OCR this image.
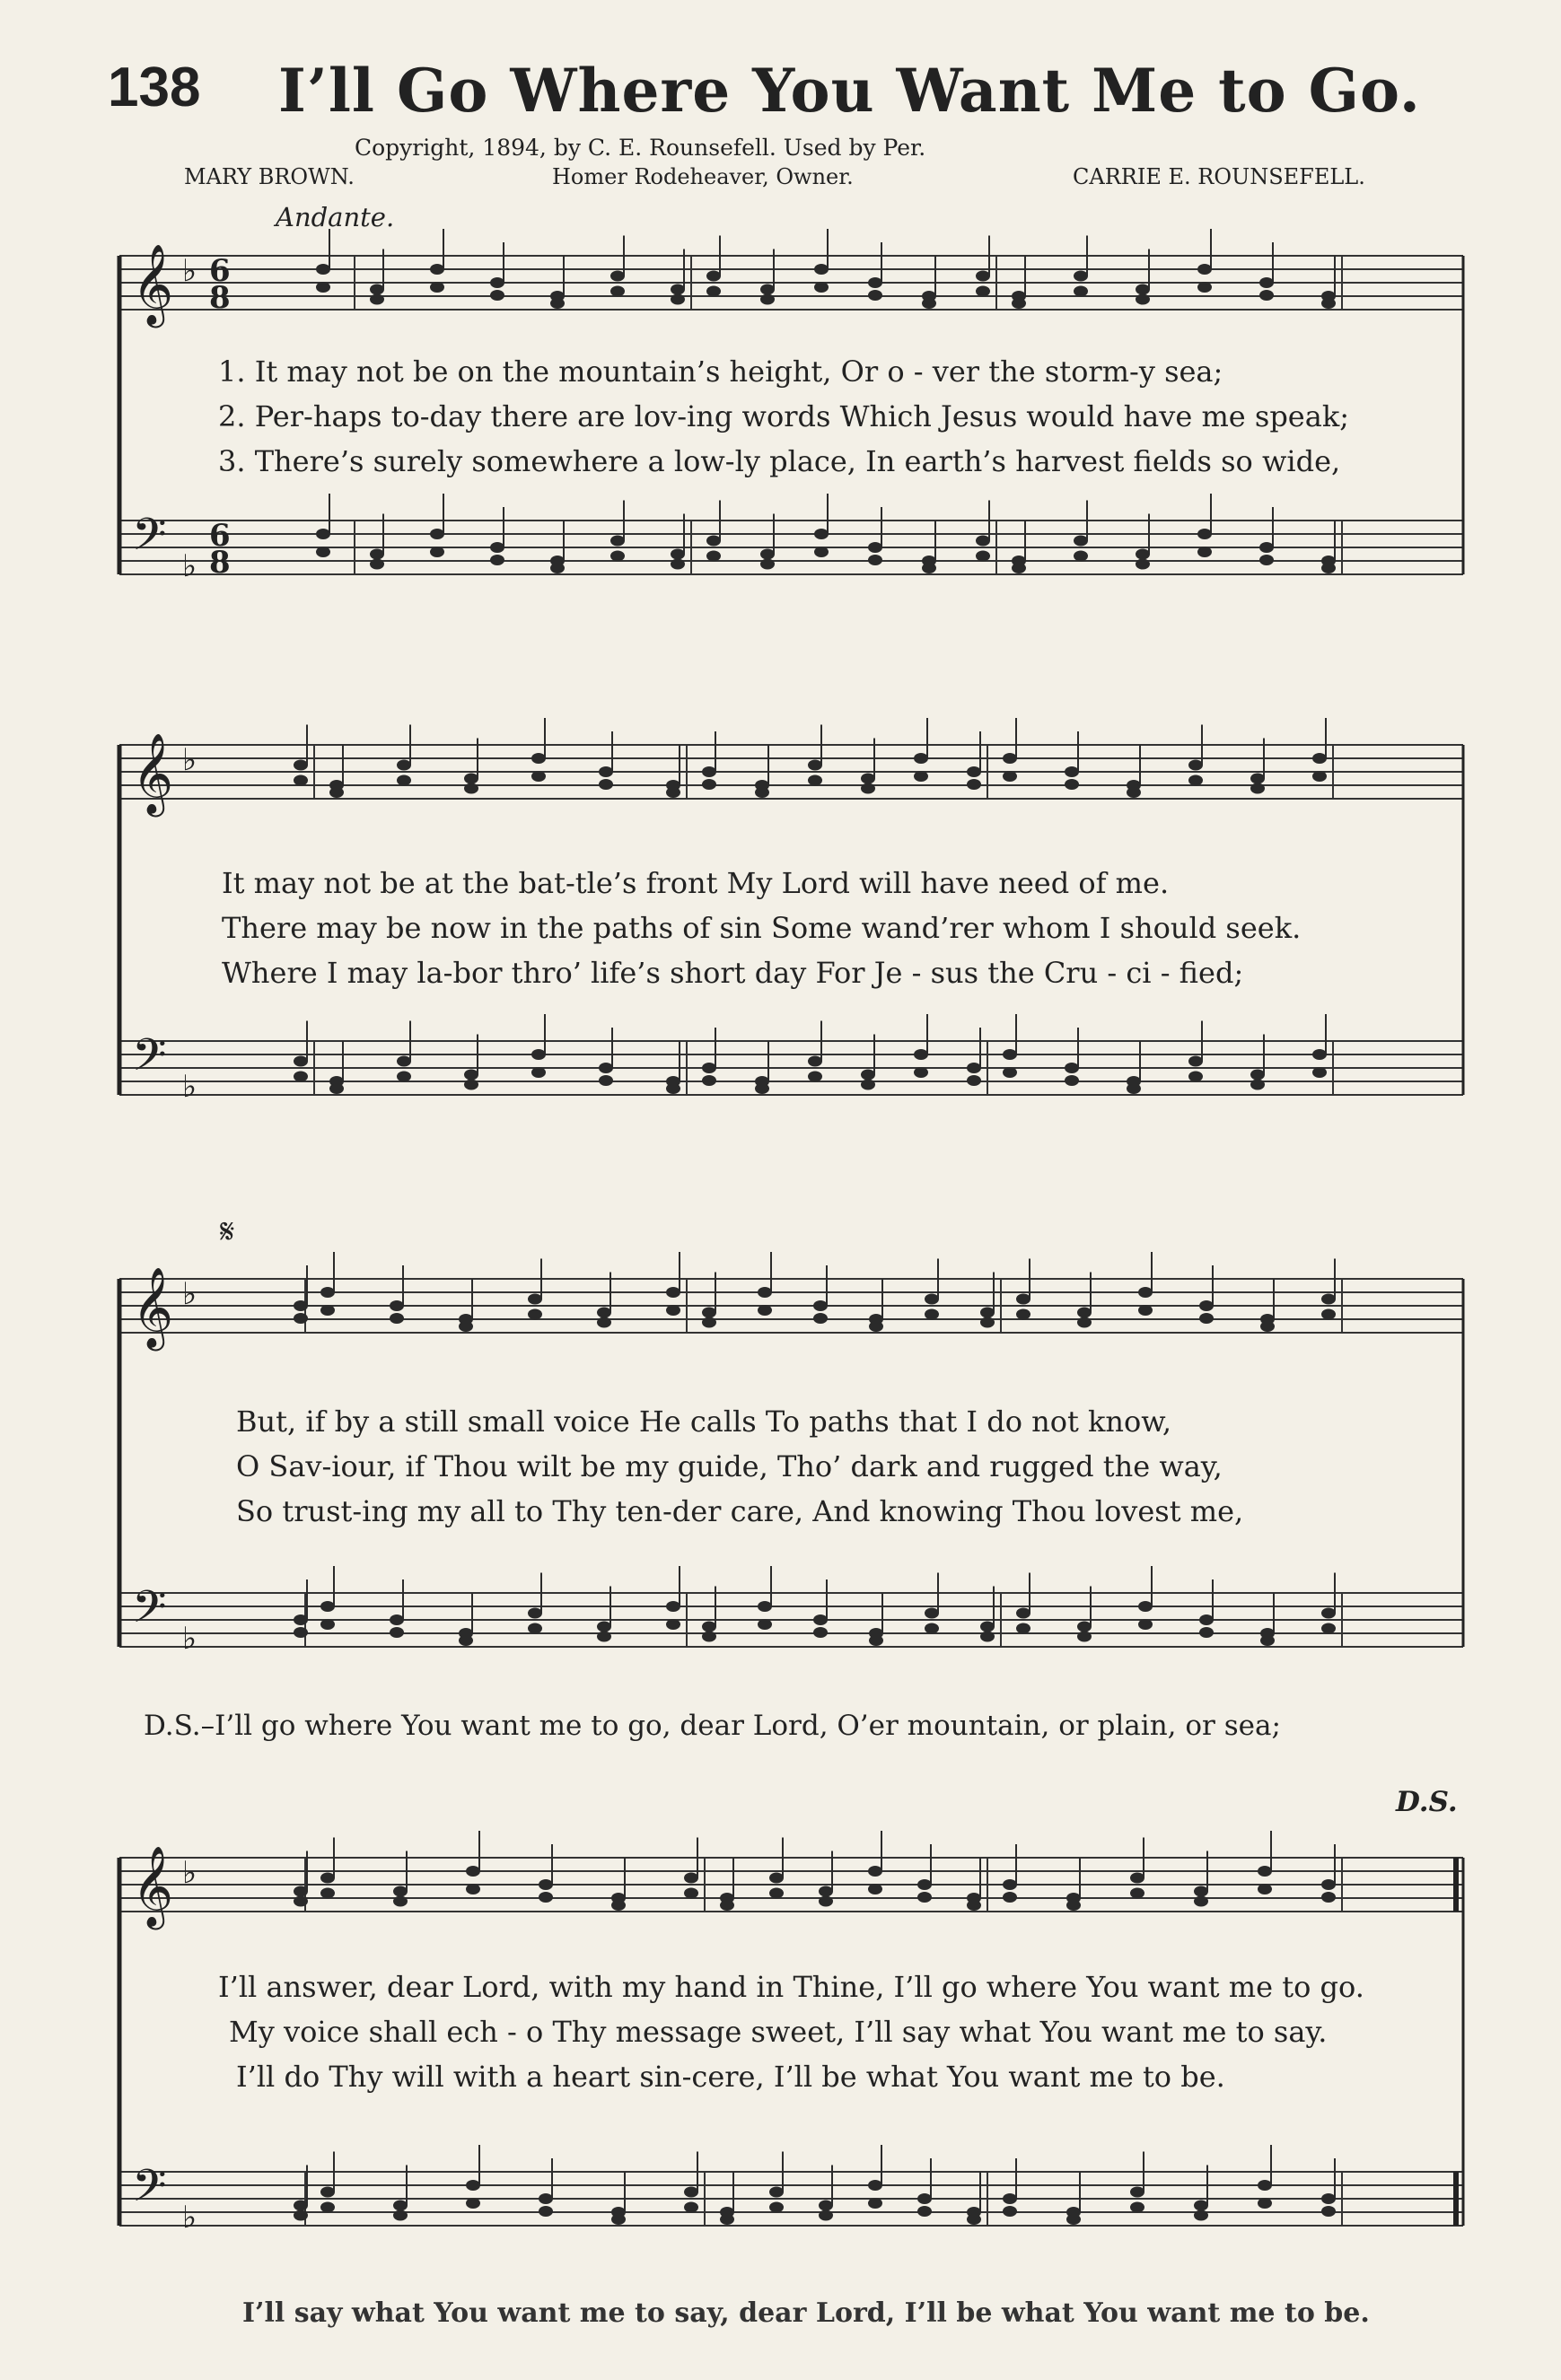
138 I’ll Go Where You Want Me to Go.
Copyright, 1894, by C. E. Rounsefell. Used by Per.
MARY BROWN.	Homer Rodeheaver, Owner.	CARRIE E. ROUNSEFELL.
Andante.
𝄞 ♭
𝄢 ♭
6
6
8
8
1. It may not be on the mountain’s height, Or o - ver the storm-y sea;
2. Per-haps to-day there are lov-ing words Which Jesus would have me speak;
3. There’s surely somewhere a low-ly place, In earth’s harvest fields so wide,
𝄞 ♭
𝄢 ♭
It may not be at the bat-tle’s front My Lord will have need of me.
There may be now in the paths of sin Some wand’rer whom I should seek.
Where I may la-bor thro’ life’s short day For Je - sus the Cru - ci - fied;
𝄞 ♭
𝄢 ♭
𝄋
But, if by a still small voice He calls To paths that I do not know,
O Sav-iour, if Thou wilt be my guide, Tho’ dark and rugged the way,
So trust-ing my all to Thy ten-der care, And knowing Thou lovest me,
D.S.–I’ll go where You want me to go, dear Lord, O’er mountain, or plain, or sea;
𝄞 ♭
𝄢 ♭
D.S.
I’ll answer, dear Lord, with my hand in Thine, I’ll go where You want me to go.
My voice shall ech - o Thy message sweet, I’ll say what You want me to say.
I’ll do Thy will with a heart sin-cere, I’ll be what You want me to be.
I’ll say what You want me to say, dear Lord, I’ll be what You want me to be.
